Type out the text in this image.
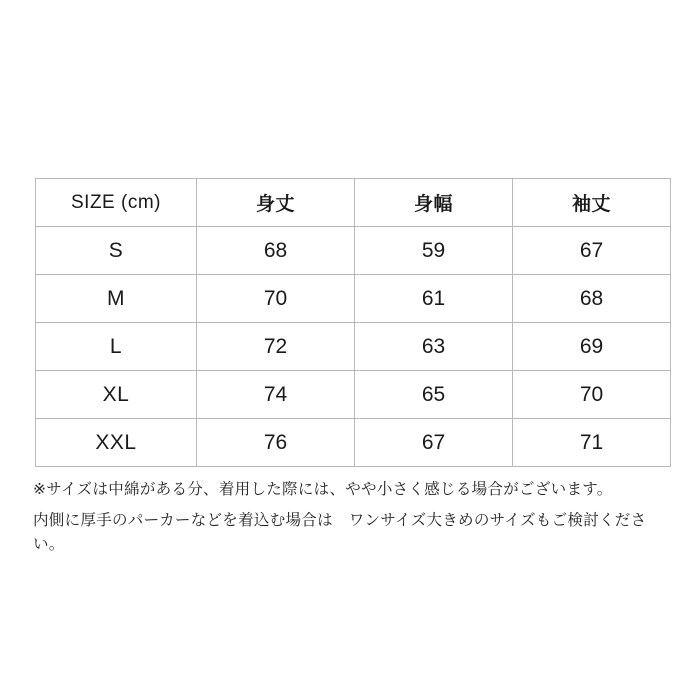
SIZE (cm)	身丈	身幅	袖丈
S	68	59	67
M	70	61	68
L	72	63	69
XL	74	65	70
XXL	76	67	71

※サイズは中綿がある分、着用した際には、やや小さく感じる場合がございます。

内側に厚手のパーカーなどを着込む場合は　ワンサイズ大きめのサイズもご検討ください。
